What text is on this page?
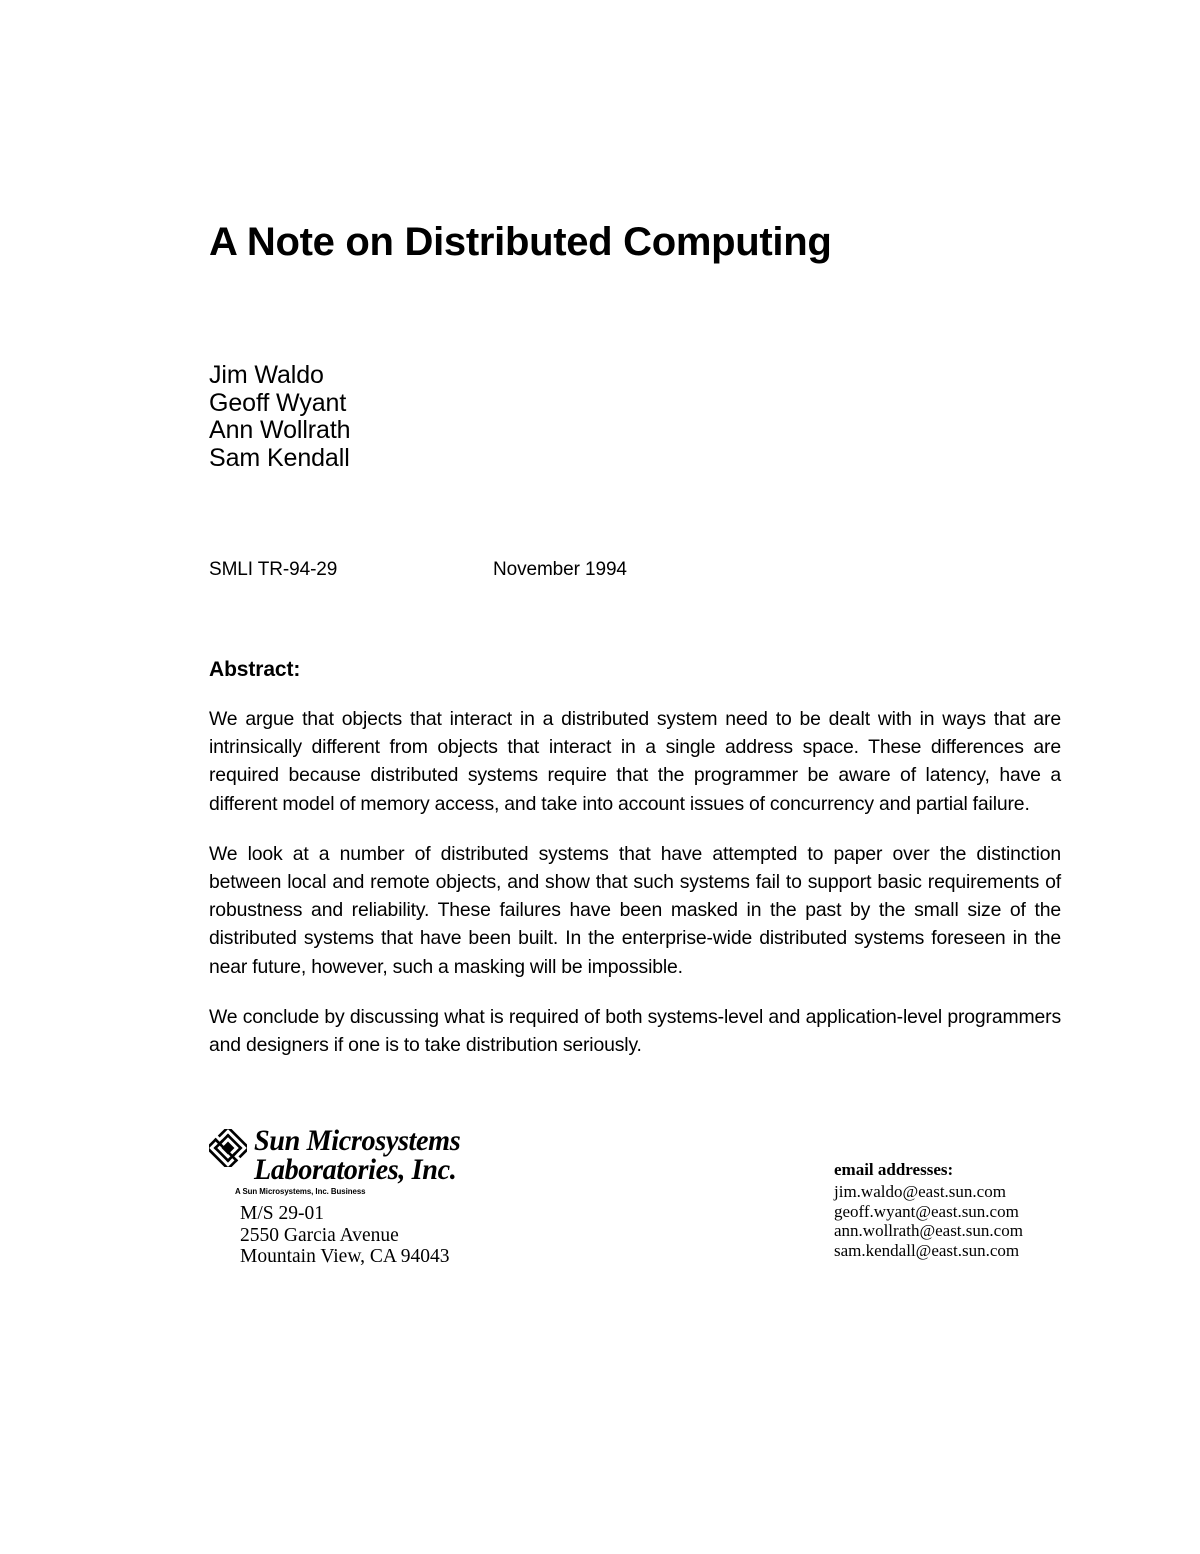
A Note on Distributed Computing
Jim Waldo
Geoff Wyant
Ann Wollrath
Sam Kendall
SMLI TR-94-29	November 1994
Abstract:

We argue that objects that interact in a distributed system need to be dealt with in ways that are intrinsically different from objects that interact in a single address space. These differences are required because distributed systems require that the programmer be aware of latency, have a different model of memory access, and take into account issues of concurrency and partial failure.

We look at a number of distributed systems that have attempted to paper over the distinction between local and remote objects, and show that such systems fail to support basic requirements of robustness and reliability. These failures have been masked in the past by the small size of the distributed systems that have been built. In the enterprise-wide distributed systems foreseen in the near future, however, such a masking will be impossible.

We conclude by discussing what is required of both systems-level and application-level programmers and designers if one is to take distribution seriously.

Sun Microsystems
Laboratories, Inc.
A Sun Microsystems, Inc. Business
M/S 29-01
2550 Garcia Avenue
Mountain View, CA 94043
email addresses:
jim.waldo@east.sun.com
geoff.wyant@east.sun.com
ann.wollrath@east.sun.com
sam.kendall@east.sun.com
